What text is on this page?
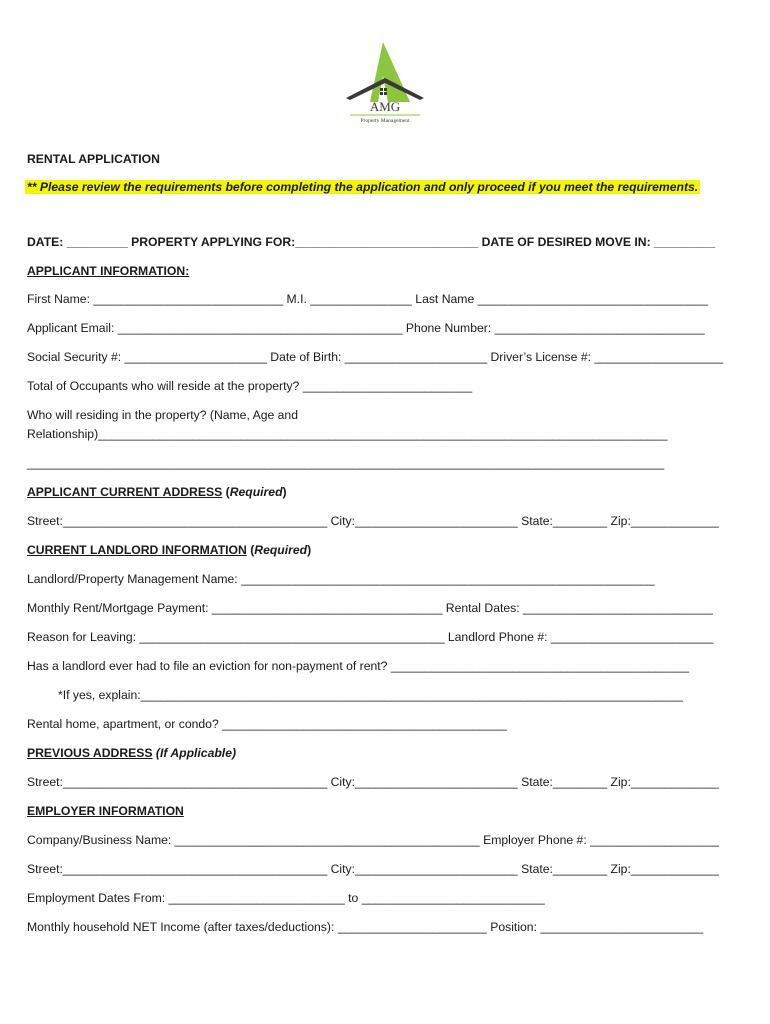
AMG
Property Management
RENTAL APPLICATION
** Please review the requirements before completing the application and only proceed if you meet the requirements.
DATE: _________ PROPERTY APPLYING FOR:___________________________ DATE OF DESIRED MOVE IN: _________
APPLICANT INFORMATION:
First Name: ____________________________ M.I. _______________ Last Name __________________________________
Applicant Email: __________________________________________ Phone Number: _______________________________
Social Security #: _____________________ Date of Birth: _____________________ Driver’s License #: ___________________
Total of Occupants who will reside at the property? _________________________
Who will residing in the property? (Name, Age and
Relationship)____________________________________________________________________________________
______________________________________________________________________________________________
APPLICANT CURRENT ADDRESS (Required)
Street:_______________________________________ City:________________________ State:________ Zip:_____________
CURRENT LANDLORD INFORMATION (Required)
Landlord/Property Management Name: _____________________________________________________________
Monthly Rent/Mortgage Payment: __________________________________ Rental Dates: ____________________________
Reason for Leaving: _____________________________________________ Landlord Phone #: ________________________
Has a landlord ever had to file an eviction for non-payment of rent? ____________________________________________
*If yes, explain:________________________________________________________________________________
Rental home, apartment, or condo? __________________________________________
PREVIOUS ADDRESS (If Applicable)
Street:_______________________________________ City:________________________ State:________ Zip:_____________
EMPLOYER INFORMATION
Company/Business Name: _____________________________________________ Employer Phone #: ___________________
Street:_______________________________________ City:________________________ State:________ Zip:_____________
Employment Dates From: __________________________ to ___________________________
Monthly household NET Income (after taxes/deductions): ______________________ Position: ________________________
